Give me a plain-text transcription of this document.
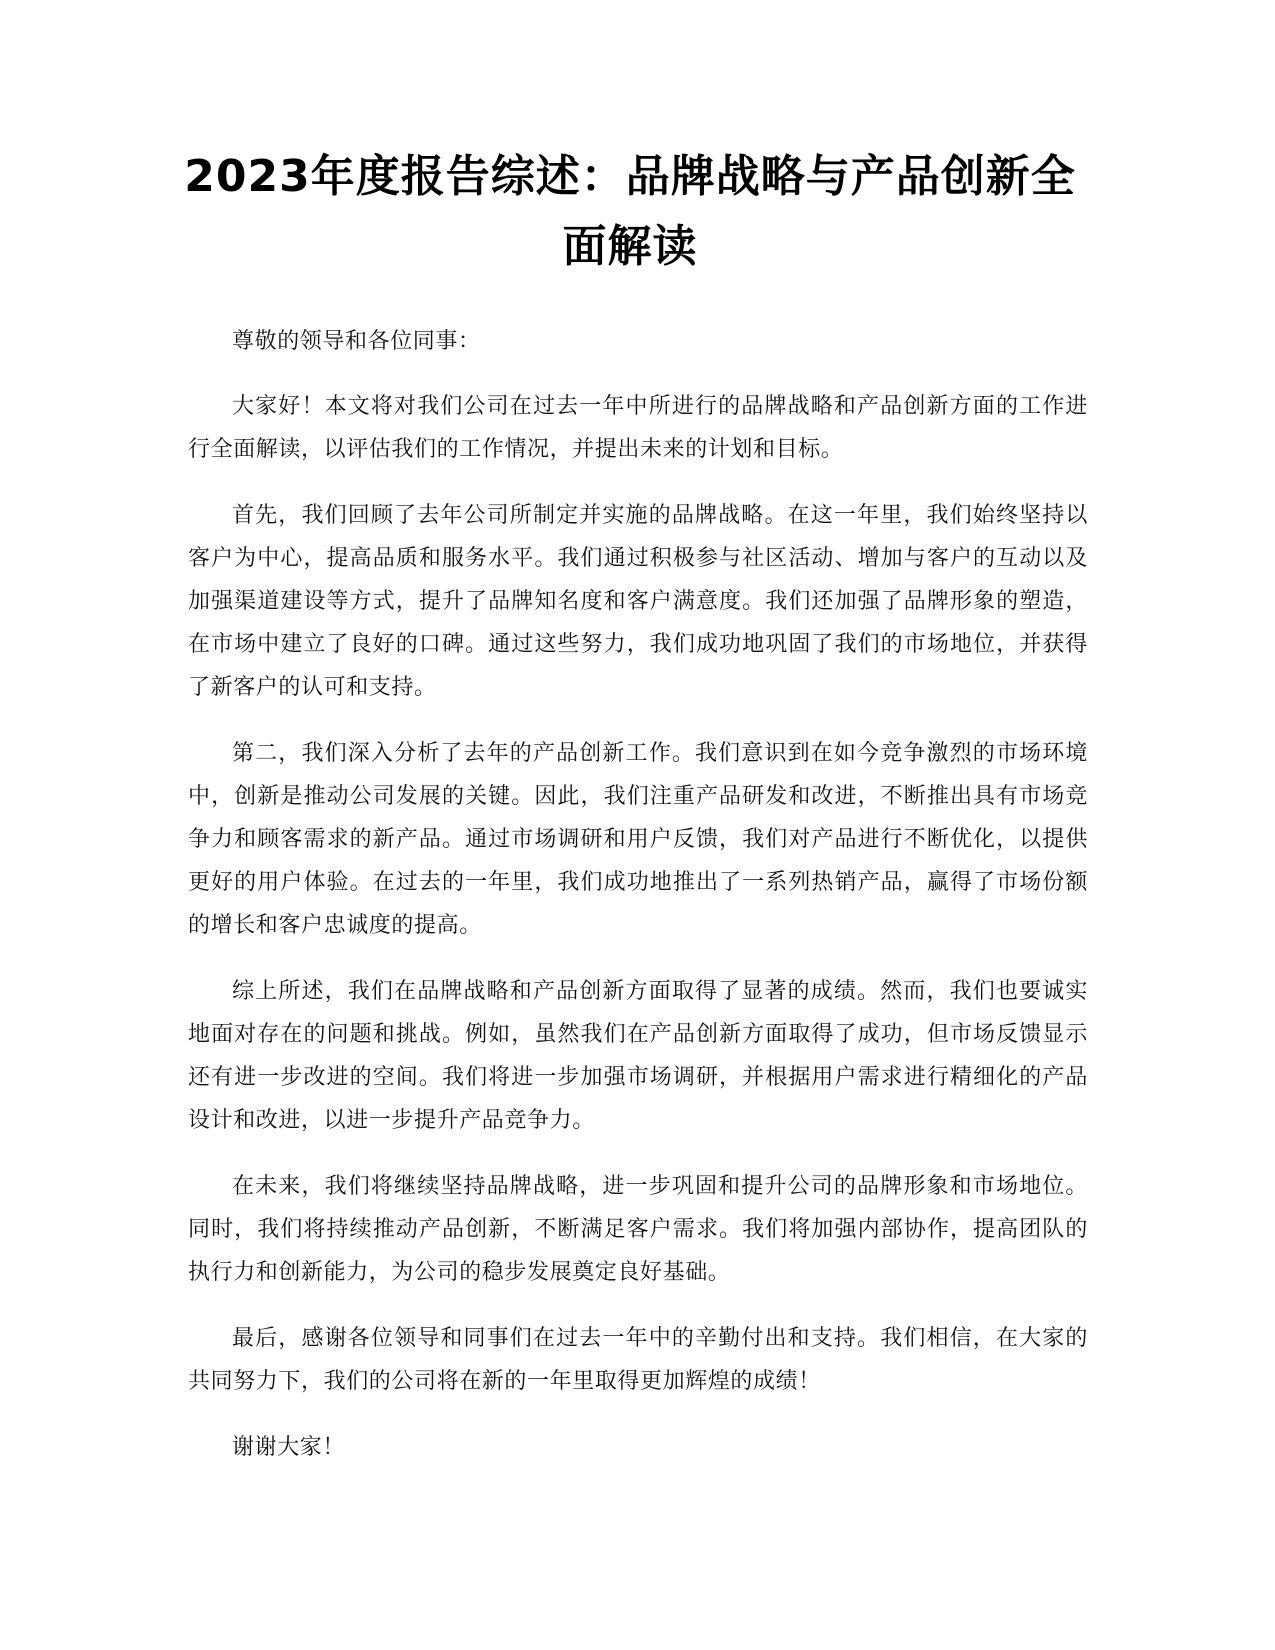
2023年度报告综述：品牌战略与产品创新全面解读

尊敬的领导和各位同事：

大家好！本文将对我们公司在过去一年中所进行的品牌战略和产品创新方面的工作进行全面解读，以评估我们的工作情况，并提出未来的计划和目标。

首先，我们回顾了去年公司所制定并实施的品牌战略。在这一年里，我们始终坚持以客户为中心，提高品质和服务水平。我们通过积极参与社区活动、增加与客户的互动以及加强渠道建设等方式，提升了品牌知名度和客户满意度。我们还加强了品牌形象的塑造，在市场中建立了良好的口碑。通过这些努力，我们成功地巩固了我们的市场地位，并获得了新客户的认可和支持。

第二，我们深入分析了去年的产品创新工作。我们意识到在如今竞争激烈的市场环境中，创新是推动公司发展的关键。因此，我们注重产品研发和改进，不断推出具有市场竞争力和顾客需求的新产品。通过市场调研和用户反馈，我们对产品进行不断优化，以提供更好的用户体验。在过去的一年里，我们成功地推出了一系列热销产品，赢得了市场份额的增长和客户忠诚度的提高。

综上所述，我们在品牌战略和产品创新方面取得了显著的成绩。然而，我们也要诚实地面对存在的问题和挑战。例如，虽然我们在产品创新方面取得了成功，但市场反馈显示还有进一步改进的空间。我们将进一步加强市场调研，并根据用户需求进行精细化的产品设计和改进，以进一步提升产品竞争力。

在未来，我们将继续坚持品牌战略，进一步巩固和提升公司的品牌形象和市场地位。同时，我们将持续推动产品创新，不断满足客户需求。我们将加强内部协作，提高团队的执行力和创新能力，为公司的稳步发展奠定良好基础。

最后，感谢各位领导和同事们在过去一年中的辛勤付出和支持。我们相信，在大家的共同努力下，我们的公司将在新的一年里取得更加辉煌的成绩！

谢谢大家！
